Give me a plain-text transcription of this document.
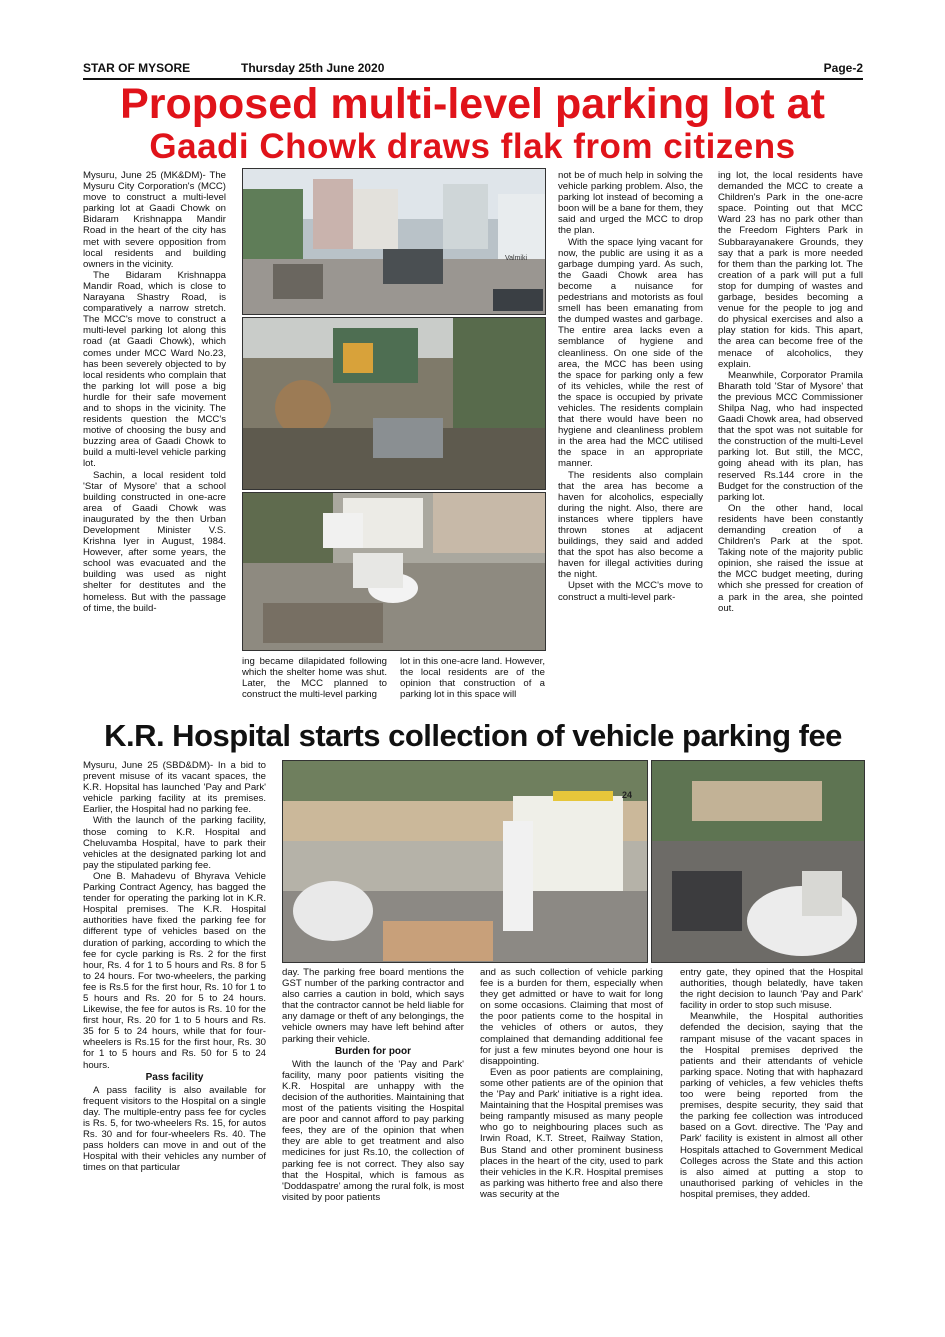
STAR OF MYSORE	Thursday 25th June 2020	Page-2
Proposed multi-level parking lot at
Gaadi Chowk draws flak from citizens

Mysuru, June 25 (MK&DM)- The Mysuru City Corporation's (MCC) move to construct a multi-level parking lot at Gaadi Chowk on Bidaram Krishnappa Mandir Road in the heart of the city has met with severe opposition from local residents and building owners in the vicinity.

The Bidaram Krishnappa Mandir Road, which is close to Narayana Shastry Road, is comparatively a narrow stretch. The MCC's move to construct a multi-level parking lot along this road (at Gaadi Chowk), which comes under MCC Ward No.23, has been severely objected to by local residents who complain that the parking lot will pose a big hurdle for their safe movement and to shops in the vicinity. The residents question the MCC's motive of choosing the busy and buzzing area of Gaadi Chowk to build a multi-level vehicle parking lot.

Sachin, a local resident told 'Star of Mysore' that a school building constructed in one-acre area of Gaadi Chowk was inaugurated by the then Urban Development Minister V.S. Krishna Iyer in August, 1984. However, after some years, the school was evacuated and the building was used as night shelter for destitutes and the homeless. But with the passage of time, the build-

ing became dilapidated following which the shelter home was shut. Later, the MCC planned to construct the multi-level parking

lot in this one-acre land. However, the local residents are of the opinion that construction of a parking lot in this space will

not be of much help in solving the vehicle parking problem. Also, the parking lot instead of becoming a boon will be a bane for them, they said and urged the MCC to drop the plan.

With the space lying vacant for now, the public are using it as a garbage dumping yard. As such, the Gaadi Chowk area has become a nuisance for pedestrians and motorists as foul smell has been emanating from the dumped wastes and garbage. The entire area lacks even a semblance of hygiene and cleanliness. On one side of the area, the MCC has been using the space for parking only a few of its vehicles, while the rest of the space is occupied by private vehicles. The residents complain that there would have been no hygiene and cleanliness problem in the area had the MCC utilised the space in an appropriate manner.

The residents also complain that the area has become a haven for alcoholics, especially during the night. Also, there are instances where tipplers have thrown stones at adjacent buildings, they said and added that the spot has also become a haven for illegal activities during the night.

Upset with the MCC's move to construct a multi-level park-

ing lot, the local residents have demanded the MCC to create a Children's Park in the one-acre space. Pointing out that MCC Ward 23 has no park other than the Freedom Fighters Park in Subbarayanakere Grounds, they say that a park is more needed for them than the parking lot. The creation of a park will put a full stop for dumping of wastes and garbage, besides becoming a venue for the people to jog and do physical exercises and also a play station for kids. This apart, the area can become free of the menace of alcoholics, they explain.

Meanwhile, Corporator Pramila Bharath told 'Star of Mysore' that the previous MCC Commissioner Shilpa Nag, who had inspected Gaadi Chowk area, had observed that the spot was not suitable for the construction of the multi-Level parking lot. But still, the MCC, going ahead with its plan, has reserved Rs.144 crore in the Budget for the construction of the parking lot.

On the other hand, local residents have been constantly demanding creation of a Children's Park at the spot. Taking note of the majority public opinion, she raised the issue at the MCC budget meeting, during which she pressed for creation of a park in the area, she pointed out.

K.R. Hospital starts collection of vehicle parking fee

Mysuru, June 25 (SBD&DM)- In a bid to prevent misuse of its vacant spaces, the K.R. Hopsital has launched 'Pay and Park' vehicle parking facility at its premises. Earlier, the Hospital had no parking fee.

With the launch of the parking facility, those coming to K.R. Hospital and Cheluvamba Hospital, have to park their vehicles at the designated parking lot and pay the stipulated parking fee.

One B. Mahadevu of Bhyrava Vehicle Parking Contract Agency, has bagged the tender for operating the parking lot in K.R. Hospital premises. The K.R. Hospital authorities have fixed the parking fee for different type of vehicles based on the duration of parking, according to which the fee for cycle parking is Rs. 2 for the first hour, Rs. 4 for 1 to 5 hours and Rs. 8 for 5 to 24 hours. For two-wheelers, the parking fee is Rs.5 for the first hour, Rs. 10 for 1 to 5 hours and Rs. 20 for 5 to 24 hours. Likewise, the fee for autos is Rs. 10 for the first hour, Rs. 20 for 1 to 5 hours and Rs. 35 for 5 to 24 hours, while that for four-wheelers is Rs.15 for the first hour, Rs. 30 for 1 to 5 hours and Rs. 50 for 5 to 24 hours.

Pass facility

A pass facility is also available for frequent visitors to the Hospital on a single day. The multiple-entry pass fee for cycles is Rs. 5, for two-wheelers Rs. 15, for autos Rs. 30 and for four-wheelers Rs. 40. The pass holders can move in and out of the Hospital with their vehicles any number of times on that particular

day. The parking free board mentions the GST number of the parking contractor and also carries a caution in bold, which says that the contractor cannot be held liable for any damage or theft of any belongings, the vehicle owners may have left behind after parking their vehicle.

Burden for poor

With the launch of the 'Pay and Park' facility, many poor patients visiting the K.R. Hospital are unhappy with the decision of the authorities. Maintaining that most of the patients visiting the Hospital are poor and cannot afford to pay parking fees, they are of the opinion that when they are able to get treatment and also medicines for just Rs.10, the collection of parking fee is not correct. They also say that the Hospital, which is famous as 'Doddaspatre' among the rural folk, is most visited by poor patients

and as such collection of vehicle parking fee is a burden for them, especially when they get admitted or have to wait for long on some occasions. Claiming that most of the poor patients come to the hospital in the vehicles of others or autos, they complained that demanding additional fee for just a few minutes beyond one hour is disappointing.

Even as poor patients are complaining, some other patients are of the opinion that the 'Pay and Park' initiative is a right idea. Maintaining that the Hospital premises was being rampantly misused as many people who go to neighbouring places such as Irwin Road, K.T. Street, Railway Station, Bus Stand and other prominent business places in the heart of the city, used to park their vehicles in the K.R. Hospital premises as parking was hitherto free and also there was security at the

entry gate, they opined that the Hospital authorities, though belatedly, have taken the right decision to launch 'Pay and Park' facility in order to stop such misuse.

Meanwhile, the Hospital authorities defended the decision, saying that the rampant misuse of the vacant spaces in the Hospital premises deprived the patients and their attendants of vehicle parking space. Noting that with haphazard parking of vehicles, a few vehicles thefts too were being reported from the premises, despite security, they said that the parking fee collection was introduced based on a Govt. directive. The 'Pay and Park' facility is existent in almost all other Hospitals attached to Government Medical Colleges across the State and this action is also aimed at putting a stop to unauthorised parking of vehicles in the hospital premises, they added.

Valmiki
24
